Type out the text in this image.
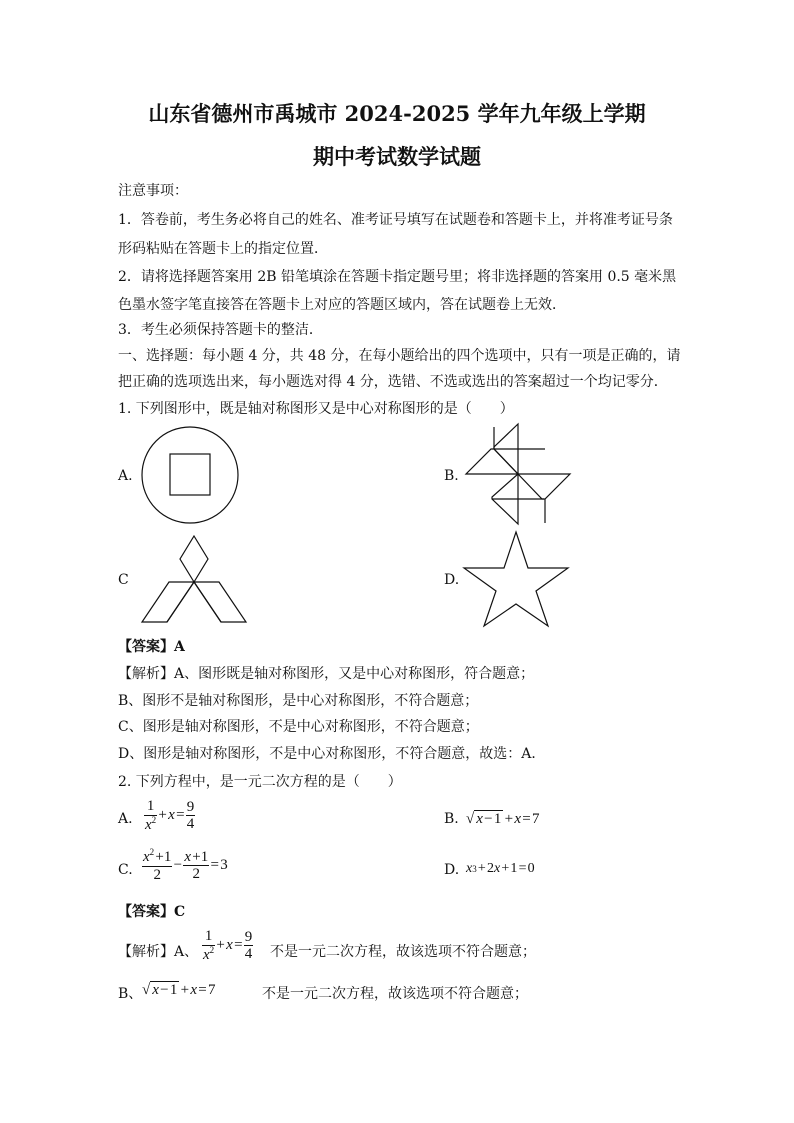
山东省德州市禹城市 2024-2025 学年九年级上学期
期中考试数学试题
注意事项：
1．答卷前，考生务必将自己的姓名、准考证号填写在试题卷和答题卡上，并将准考证号条
形码粘贴在答题卡上的指定位置．
2．请将选择题答案用 2B 铅笔填涂在答题卡指定题号里；将非选择题的答案用 0.5 毫米黑
色墨水签字笔直接答在答题卡上对应的答题区域内，答在试题卷上无效．
3．考生必须保持答题卡的整洁．
一、选择题：每小题 4 分，共 48 分，在每小题给出的四个选项中，只有一项是正确的，请
把正确的选项选出来，每小题选对得 4 分，选错、不选或选出的答案超过一个均记零分．
1. 下列图形中，既是轴对称图形又是中心对称图形的是（　　）
A.	B.
C	D.
【答案】A
【解析】A、图形既是轴对称图形，又是中心对称图形，符合题意；
B、图形不是轴对称图形，是中心对称图形，不符合题意；
C、图形是轴对称图形，不是中心对称图形，不符合题意；
D、图形是轴对称图形，不是中心对称图形，不符合题意，故选：A．
2. 下列方程中，是一元二次方程的是（　　）
A. $\frac{1}{x^2}$  +  x  =  $\frac{9}{4}$	B. √ x − 1  +  x  = 7
C. $\frac{x^2 +1}{2}$  −  $\frac{x +1}{2}$  = 3	D. x 3  + 2 x  + 1 = 0
【答案】C
【解析】A、 $\frac{1}{x^2}$  +  x  =  $\frac{9}{4}$ 不是一元二次方程，故该选项不符合题意；
B、 √ x − 1  +  x  = 7	不是一元二次方程，故该选项不符合题意；
